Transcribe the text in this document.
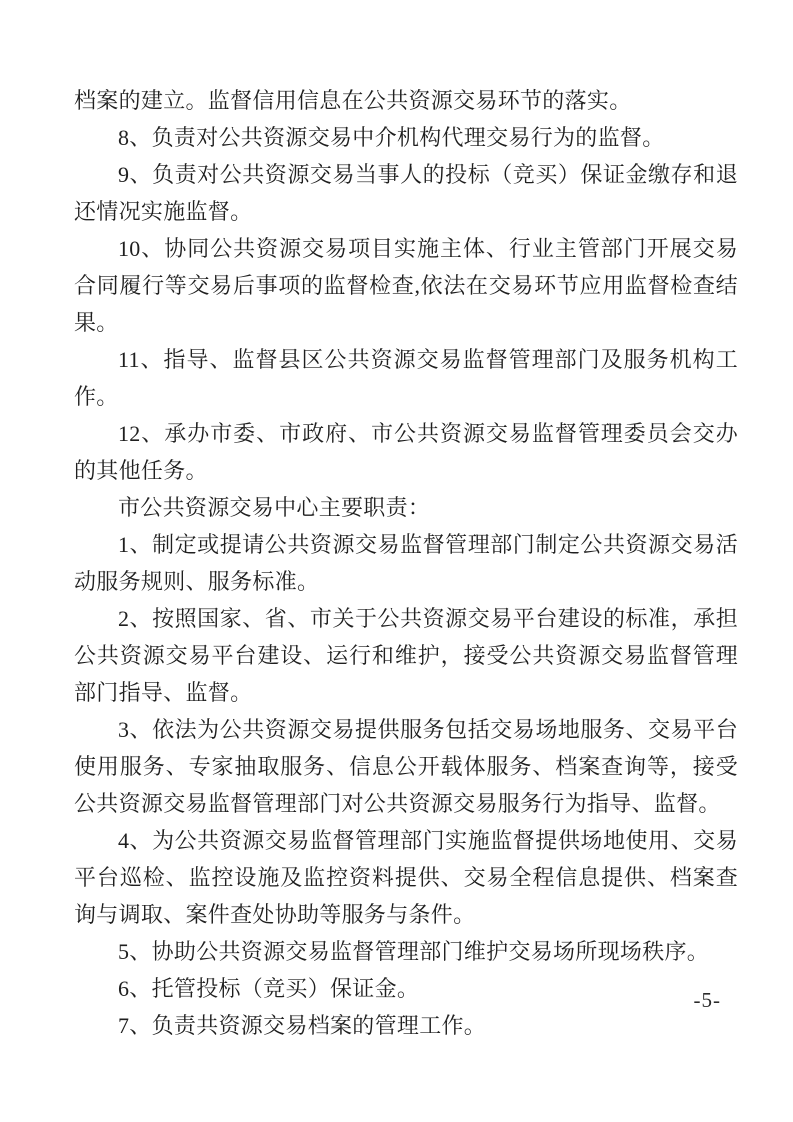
档案的建立。监督信用信息在公共资源交易环节的落实。

8、负责对公共资源交易中介机构代理交易行为的监督。

9、负责对公共资源交易当事人的投标（竞买）保证金缴存和退还情况实施监督。

10、协同公共资源交易项目实施主体、行业主管部门开展交易合同履行等交易后事项的监督检查,依法在交易环节应用监督检查结果。

11、指导、监督县区公共资源交易监督管理部门及服务机构工作。

12、承办市委、市政府、市公共资源交易监督管理委员会交办的其他任务。

市公共资源交易中心主要职责：

1、制定或提请公共资源交易监督管理部门制定公共资源交易活动服务规则、服务标准。

2、按照国家、省、市关于公共资源交易平台建设的标准，承担公共资源交易平台建设、运行和维护，接受公共资源交易监督管理部门指导、监督。

3、依法为公共资源交易提供服务包括交易场地服务、交易平台使用服务、专家抽取服务、信息公开载体服务、档案查询等，接受公共资源交易监督管理部门对公共资源交易服务行为指导、监督。

4、为公共资源交易监督管理部门实施监督提供场地使用、交易平台巡检、监控设施及监控资料提供、交易全程信息提供、档案查询与调取、案件查处协助等服务与条件。

5、协助公共资源交易监督管理部门维护交易场所现场秩序。

6、托管投标（竞买）保证金。

7、负责共资源交易档案的管理工作。

-5-
